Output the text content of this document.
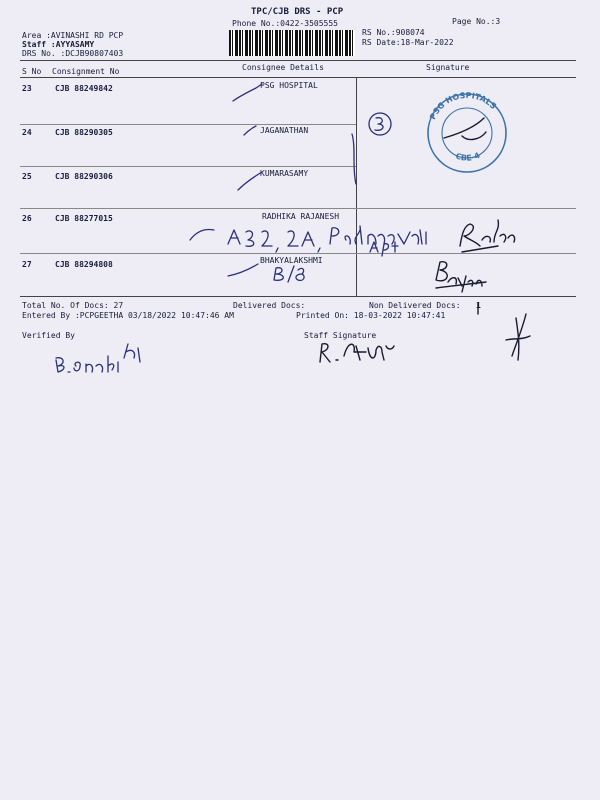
TPC/CJB DRS - PCP
Phone No.:0422-3505555	Page No.:3
RS No.:908074
RS Date:18-Mar-2022
Area :AVINASHI RD PCP
Staff :AYYASAMY
DRS No. :DCJB90807403
S No Consignment No	Consignee Details	Signature
23	CJB 88249842	PSG HOSPITAL
24	CJB 88290305	JAGANATHAN
25	CJB 88290306	KUMARASAMY
26	CJB 88277015	RADHIKA RAJANESH
27	CJB 88294808	BHAKYALAKSHMI
PSG HOSPITALS
CBE-4
Total No. Of Docs: 27	Delivered Docs:	Non Delivered Docs: 1
Entered By :PCPGEETHA 03/18/2022 10:47:46 AM	Printed On: 18-03-2022 10:47:41
Verified By	Staff Signature
